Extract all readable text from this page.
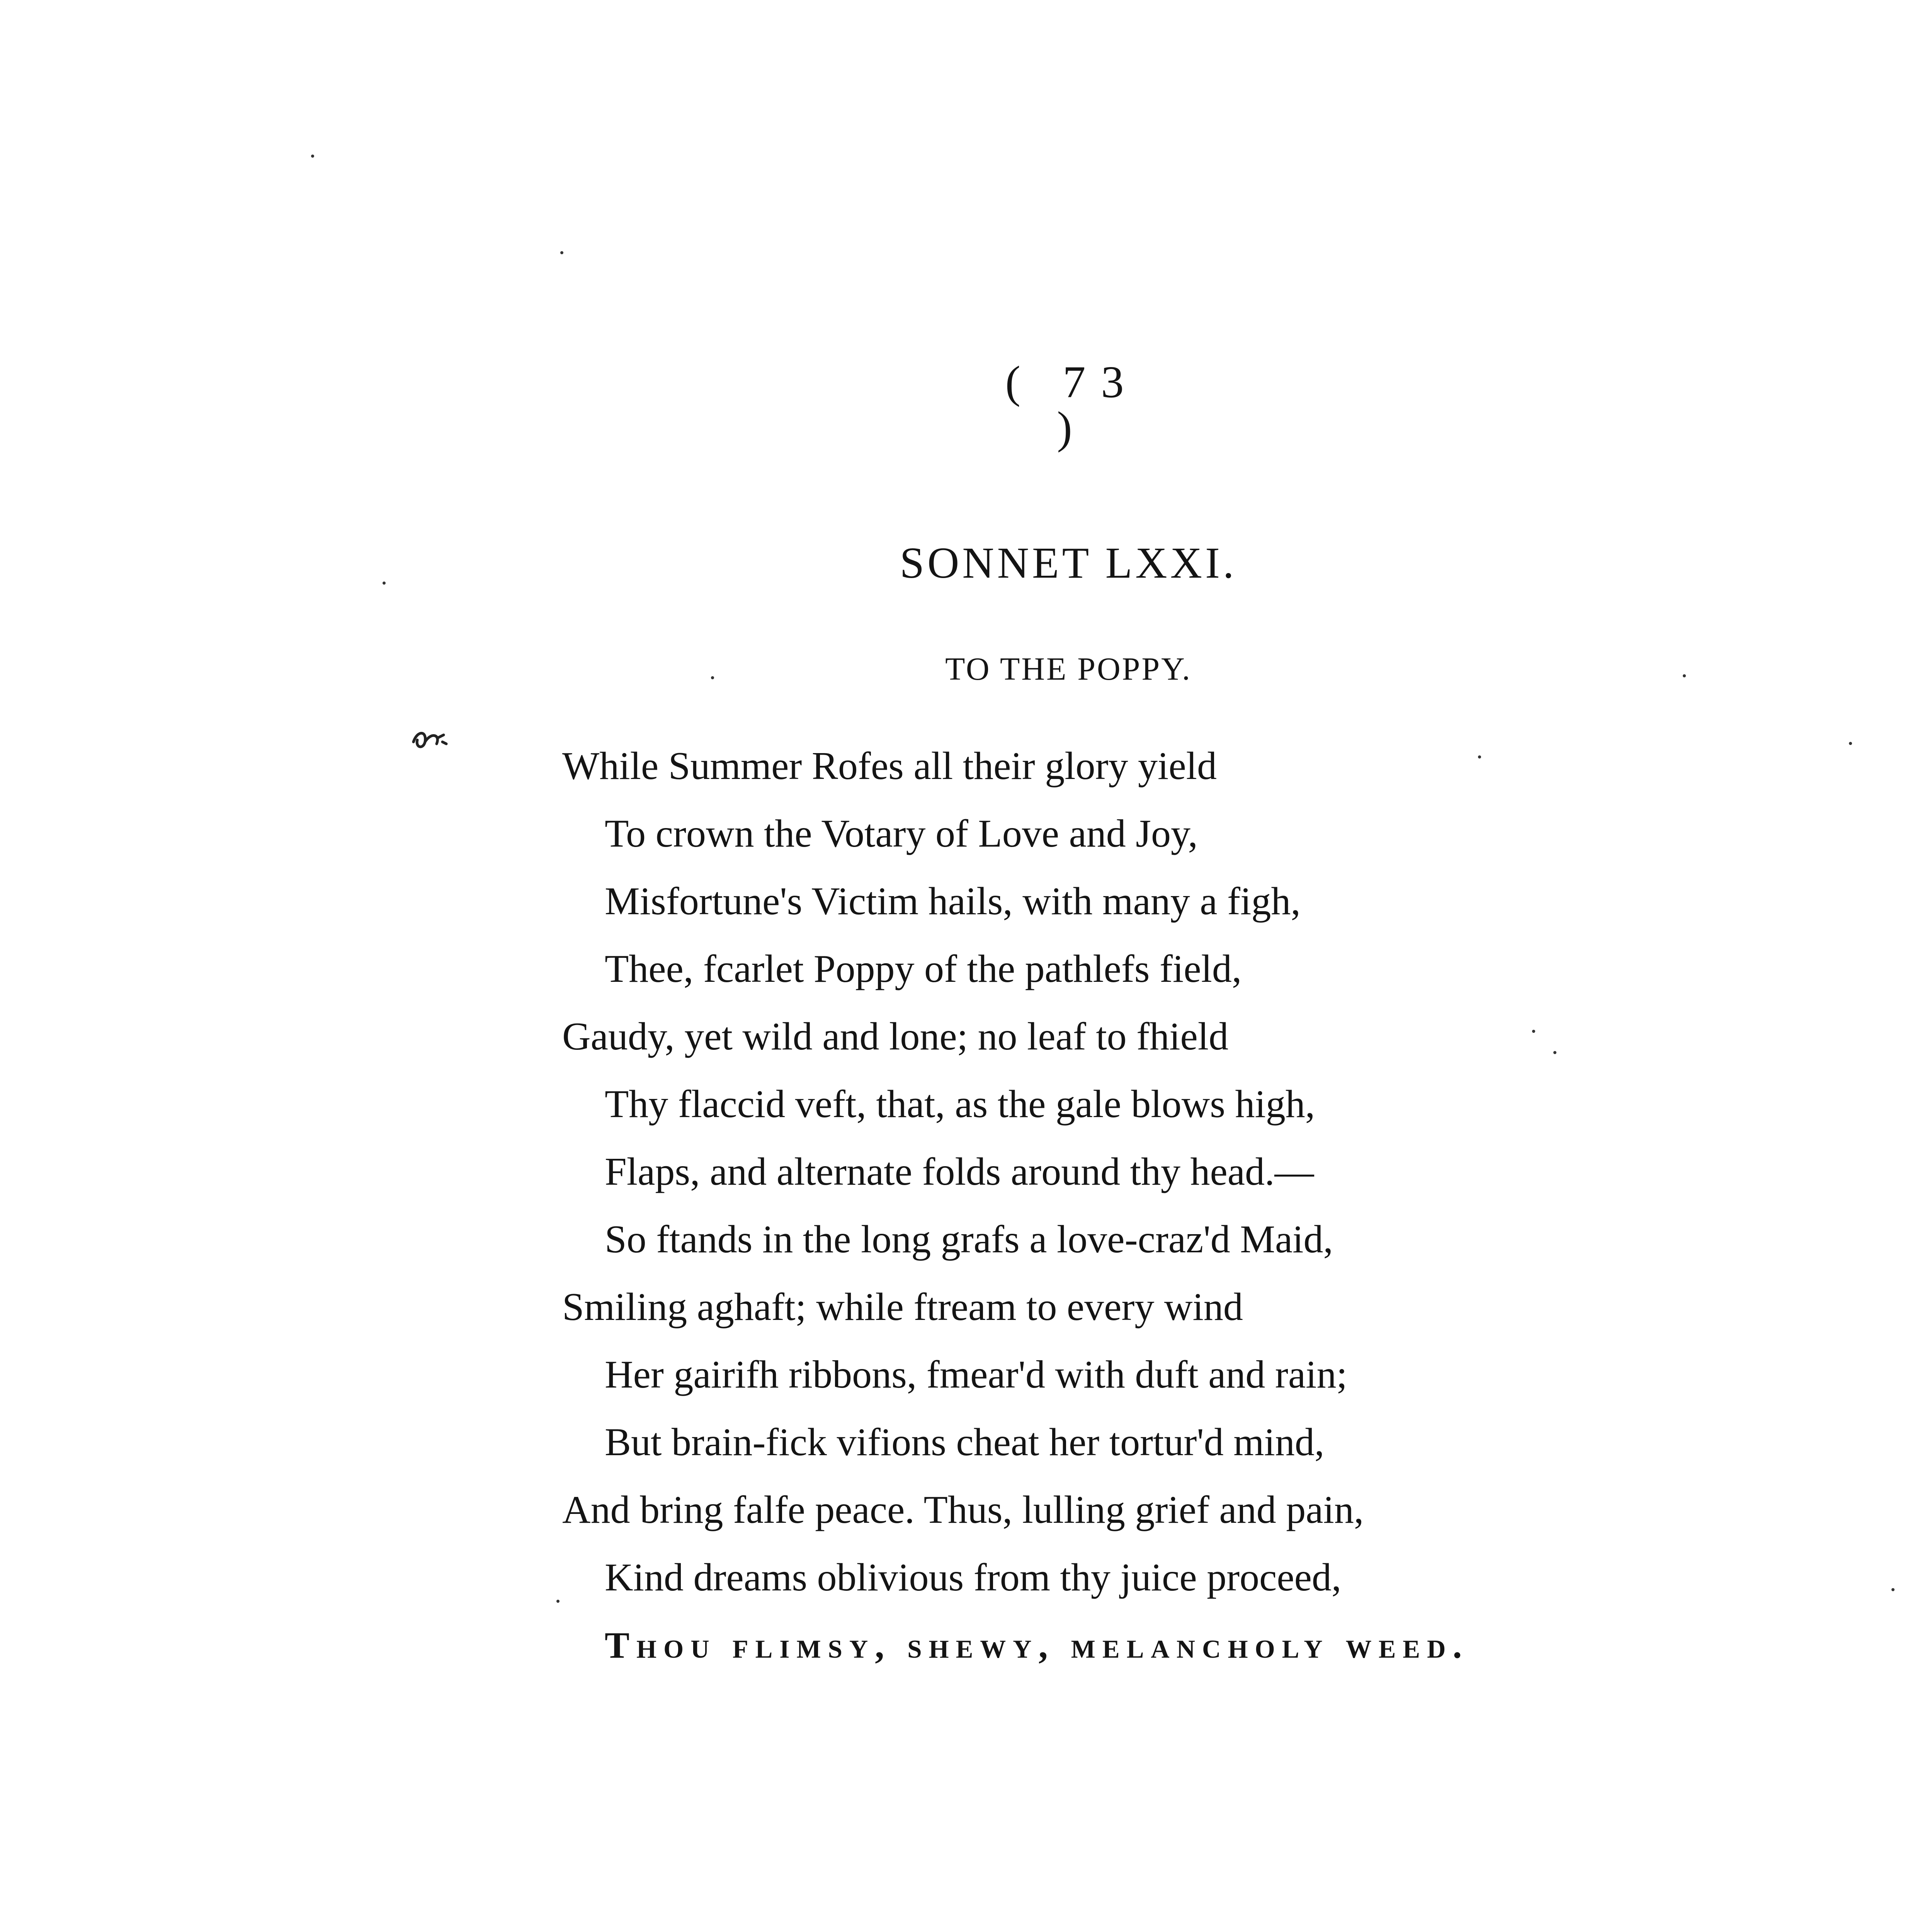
( 73 )
SONNET LXXI.
TO THE POPPY.
While Summer Rofes all their glory yield
To crown the Votary of Love and Joy,
Misfortune's Victim hails, with many a figh,
Thee, fcarlet Poppy of the pathlefs field,
Gaudy, yet wild and lone; no leaf to fhield
Thy flaccid veft, that, as the gale blows high,
Flaps, and alternate folds around thy head.—
So ftands in the long grafs a love-craz'd Maid,
Smiling aghaft; while ftream to every wind
Her gairifh ribbons, fmear'd with duft and rain;
But brain-fick vifions cheat her tortur'd mind,
And bring falfe peace. Thus, lulling grief and pain,
Kind dreams oblivious from thy juice proceed,
Thou flimsy, shewy, melancholy weed.
